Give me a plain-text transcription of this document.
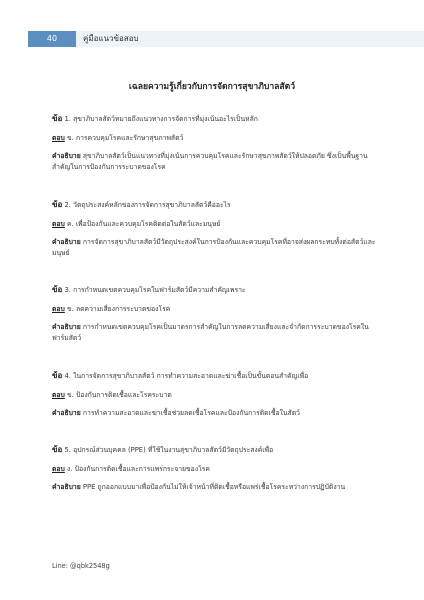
40	คู่มือแนวข้อสอบ
เฉลยความรู้เกี่ยวกับการจัดการสุขาภิบาลสัตว์

ข้อ 1. สุขาภิบาลสัตว์หมายถึงแนวทางการจัดการที่มุ่งเน้นอะไรเป็นหลัก

ตอบ ข. การควบคุมโรคและรักษาสุขภาพสัตว์

คำอธิบาย สุขาภิบาลสัตว์เป็นแนวทางที่มุ่งเน้นการควบคุมโรคและรักษาสุขภาพสัตว์ให้ปลอดภัย ซึ่งเป็นพื้นฐานสำคัญในการป้องกันการระบาดของโรค

ข้อ 2. วัตถุประสงค์หลักของการจัดการสุขาภิบาลสัตว์คืออะไร

ตอบ ค. เพื่อป้องกันและควบคุมโรคติดต่อในสัตว์และมนุษย์

คำอธิบาย การจัดการสุขาภิบาลสัตว์มีวัตถุประสงค์ในการป้องกันและควบคุมโรคที่อาจส่งผลกระทบทั้งต่อสัตว์และมนุษย์

ข้อ 3. การกำหนดเขตควบคุมโรคในฟาร์มสัตว์มีความสำคัญเพราะ

ตอบ ข. ลดความเสี่ยงการระบาดของโรค

คำอธิบาย การกำหนดเขตควบคุมโรคเป็นมาตรการสำคัญในการลดความเสี่ยงและจำกัดการระบาดของโรคในฟาร์มสัตว์

ข้อ 4. ในการจัดการสุขาภิบาลสัตว์ การทำความสะอาดและฆ่าเชื้อเป็นขั้นตอนสำคัญเพื่อ

ตอบ ข. ป้องกันการติดเชื้อและโรคระบาด

คำอธิบาย การทำความสะอาดและฆ่าเชื้อช่วยลดเชื้อโรคและป้องกันการติดเชื้อในสัตว์

ข้อ 5. อุปกรณ์ส่วนบุคคล (PPE) ที่ใช้ในงานสุขาภิบาลสัตว์มีวัตถุประสงค์เพื่อ

ตอบ ง. ป้องกันการติดเชื้อและการแพร่กระจายของโรค

คำอธิบาย PPE ถูกออกแบบมาเพื่อป้องกันไม่ให้เจ้าหน้าที่ติดเชื้อหรือแพร่เชื้อโรคระหว่างการปฏิบัติงาน

Line: @qbk2548g
